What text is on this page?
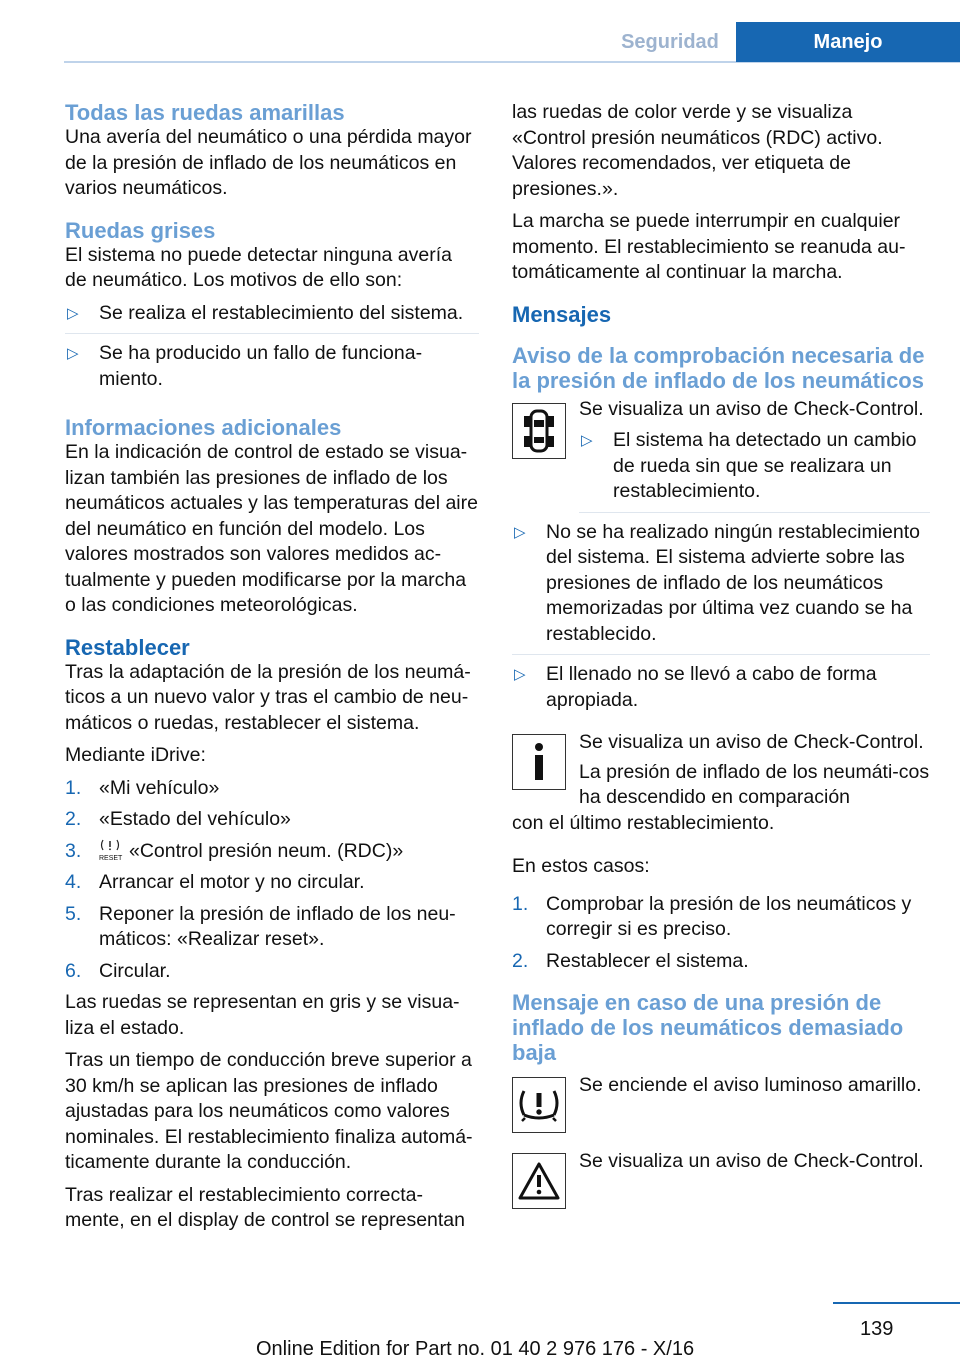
Seguridad	Manejo
Todas las ruedas amarillas

Una avería del neumático o una pérdida mayor de la presión de inflado de los neumáticos en varios neumáticos.

Ruedas grises

El sistema no puede detectar ninguna avería de neumático. Los motivos de ello son:

▷ Se realiza el restablecimiento del sistema.
▷ Se ha producido un fallo de funciona‐miento.
Informaciones adicionales

En la indicación de control de estado se visua‐lizan también las presiones de inflado de los neumáticos actuales y las temperaturas del aire del neumático en función del modelo. Los valores mostrados son valores medidos ac‐tualmente y pueden modificarse por la marcha o las condiciones meteorológicas.

Restablecer

Tras la adaptación de la presión de los neumá‐ticos a un nuevo valor y tras el cambio de neu‐máticos o ruedas, restablecer el sistema.

Mediante iDrive:

1. «Mi vehículo»
2. «Estado del vehículo»
3.	RESET «Control presión neum. (RDC)»
4. Arrancar el motor y no circular.
5. Reponer la presión de inflado de los neu‐máticos: «Realizar reset».
6. Circular.

Las ruedas se representan en gris y se visua‐liza el estado.

Tras un tiempo de conducción breve superior a 30 km/h se aplican las presiones de inflado ajustadas para los neumáticos como valores nominales. El restablecimiento finaliza automá‐ticamente durante la conducción.

Tras realizar el restablecimiento correcta‐mente, en el display de control se representan

las ruedas de color verde y se visualiza «Control presión neumáticos (RDC) activo. Valores recomendados, ver etiqueta de presiones.».

La marcha se puede interrumpir en cualquier momento. El restablecimiento se reanuda au‐tomáticamente al continuar la marcha.

Mensajes
Aviso de la comprobación necesaria de la presión de inflado de los neumáticos

Se visualiza un aviso de Check-Control.

▷ El sistema ha detectado un cambio de rueda sin que se realizara un restablecimiento.
▷ No se ha realizado ningún restablecimiento del sistema. El sistema advierte sobre las presiones de inflado de los neumáticos memorizadas por última vez cuando se ha restablecido.
▷ El llenado no se llevó a cabo de forma apropiada.

Se visualiza un aviso de Check-Control.

La presión de inflado de los neumáti‐cos ha descendido en comparación

con el último restablecimiento.

En estos casos:

1. Comprobar la presión de los neumáticos y corregir si es preciso.
2. Restablecer el sistema.
Mensaje en caso de una presión de inflado de los neumáticos demasiado baja

Se enciende el aviso luminoso amarillo.

Se visualiza un aviso de Check-Control.

139
Online Edition for Part no. 01 40 2 976 176 - X/16
